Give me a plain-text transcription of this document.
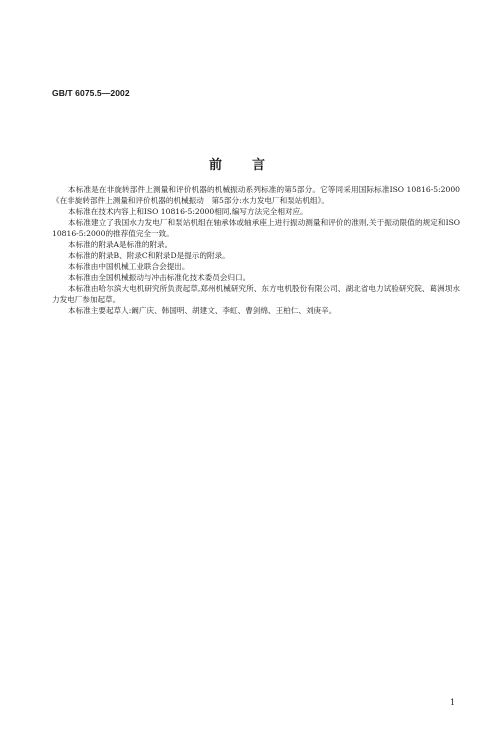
GB/T 6075.5—2002
前言

本标准是在非旋转部件上测量和评价机器的机械振动系列标准的第5部分。它等同采用国际标准ISO 10816-5:2000《在非旋转部件上测量和评价机器的机械振动　第5部分:水力发电厂和泵站机组》。

本标准在技术内容上和ISO 10816-5:2000相同,编写方法完全相对应。

本标准建立了我国水力发电厂和泵站机组在轴承体或轴承座上进行振动测量和评价的准则,关于振动限值的规定和ISO 10816-5:2000的推荐值完全一致。

本标准的附录A是标准的附录。

本标准的附录B、附录C和附录D是提示的附录。

本标准由中国机械工业联合会提出。

本标准由全国机械振动与冲击标准化技术委员会归口。

本标准由哈尔滨大电机研究所负责起草,郑州机械研究所、东方电机股份有限公司、湖北省电力试验研究院、葛洲坝水力发电厂参加起草。

本标准主要起草人:阚广庆、韩国明、胡建文、李虹、曹剑绵、王柏仁、刘庚辛。

1
